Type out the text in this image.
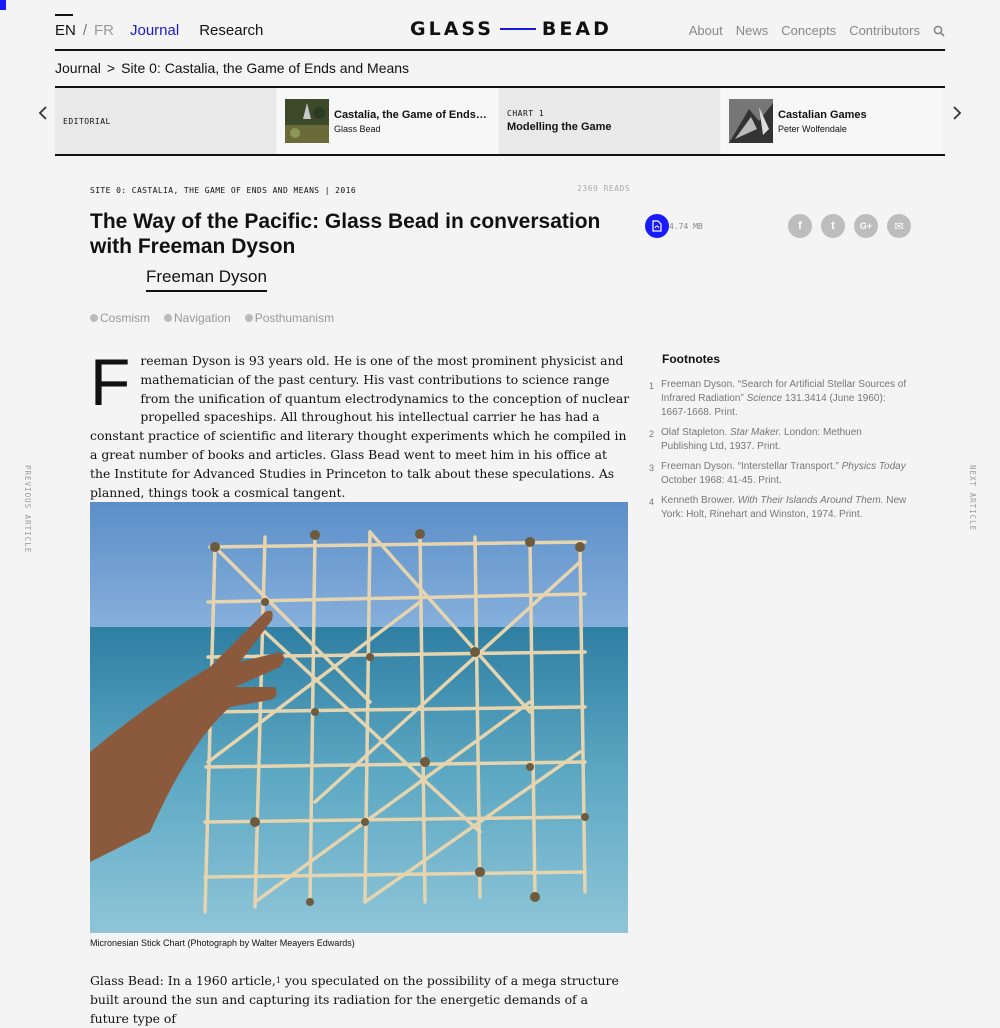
EN / FR Journal Research	GLASS	BEAD	About News Concepts Contributors
Journal > Site 0: Castalia, the Game of Ends and Means
EDITORIAL
Castalia, the Game of Ends…
Glass Bead
CHART 1
Modelling the Game
Castalian Games
Peter Wolfendale
PREVIOUS ARTICLE	NEXT ARTICLE
SITE 0: CASTALIA, THE GAME OF ENDS AND MEANS | 2016	2369 READS
The Way of the Pacific: Glass Bead in conversation with Freeman Dyson
Freeman Dyson
4.74 MB	f	t	G+ ✉
Cosmism	Navigation	Posthumanism
Freeman Dyson is 93 years old. He is one of the most prominent physicist and mathematician of the past century. His vast contributions to science range from the unification of quantum electrodynamics to the conception of nuclear propelled spaceships. All throughout his intellectual carrier he has had a constant practice of scientific and literary thought experiments which he compiled in a great number of books and articles. Glass Bead went to meet him in his office at the Institute for Advanced Studies in Princeton to talk about these speculations. As planned, things took a cosmical tangent.
Micronesian Stick Chart (Photograph by Walter Meayers Edwards)
Glass Bead: In a 1960 article,$^1$ you speculated on the possibility of a mega structure built around the sun and capturing its radiation for the energetic demands of a future type of
Footnotes
1 Freeman Dyson. “Search for Artificial Stellar Sources of Infrared Radiation” Science 131.3414 (June 1960): 1667-1668. Print.
2 Olaf Stapleton. Star Maker. London: Methuen Publishing Ltd, 1937. Print.
3 Freeman Dyson. “Interstellar Transport.” Physics Today October 1968: 41-45. Print.
4 Kenneth Brower. With Their Islands Around Them. New York: Holt, Rinehart and Winston, 1974. Print.
